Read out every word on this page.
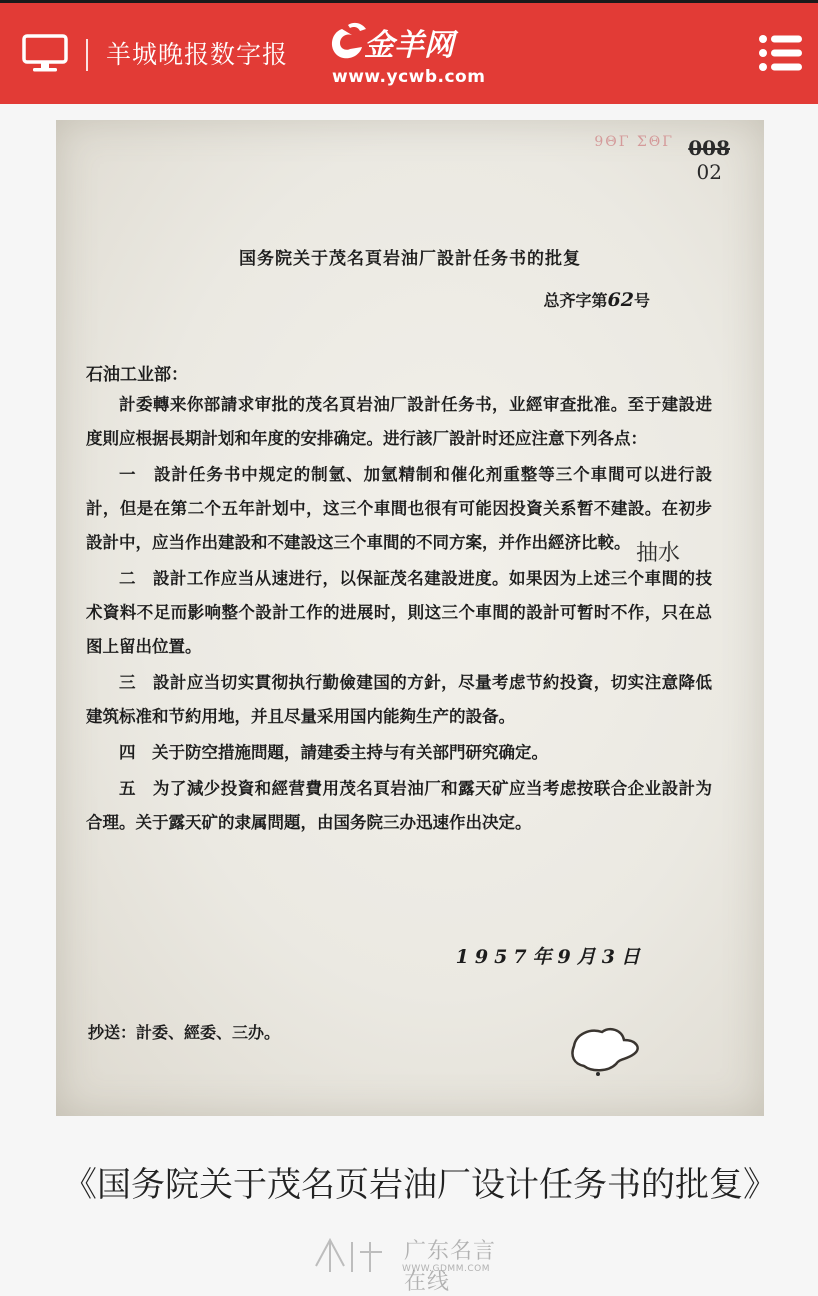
羊城晚报数字报	金羊网
www.ycwb.com
9ΘΓ ΣΘΓ 008
02
国务院关于茂名頁岩油厂設計任务书的批复
总齐字第62号
石油工业部：

計委轉来你部請求审批的茂名頁岩油厂設計任务书，业經审查批准。至于建設进度則应根据長期計划和年度的安排确定。进行該厂設計时还应注意下列各点：

一　設計任务书中规定的制氫、加氫精制和催化剂重整等三个車間可以进行設計，但是在第二个五年計划中，这三个車間也很有可能因投資关系暂不建設。在初步設計中，应当作出建設和不建設这三个車間的不同方案，并作出經济比較。

二　設計工作应当从速进行，以保証茂名建設进度。如果因为上述三个車間的技术資料不足而影响整个設計工作的进展时，則这三个車間的設計可暂时不作，只在总图上留出位置。

三　設計应当切实貫彻执行勤儉建国的方針，尽量考虑节約投資，切实注意降低建筑标准和节約用地，并且尽量采用国内能夠生产的設备。

四　关于防空措施問題，請建委主持与有关部門研究确定。

五　为了減少投資和經营費用茂名頁岩油厂和露天矿应当考虑按联合企业設計为合理。关于露天矿的隶属問題，由国务院三办迅速作出决定。

抽水
1957年9月3日
抄送：計委、經委、三办。
《国务院关于茂名页岩油厂设计任务书的批复》
广东名言在线
WWW.GDMM.COM
